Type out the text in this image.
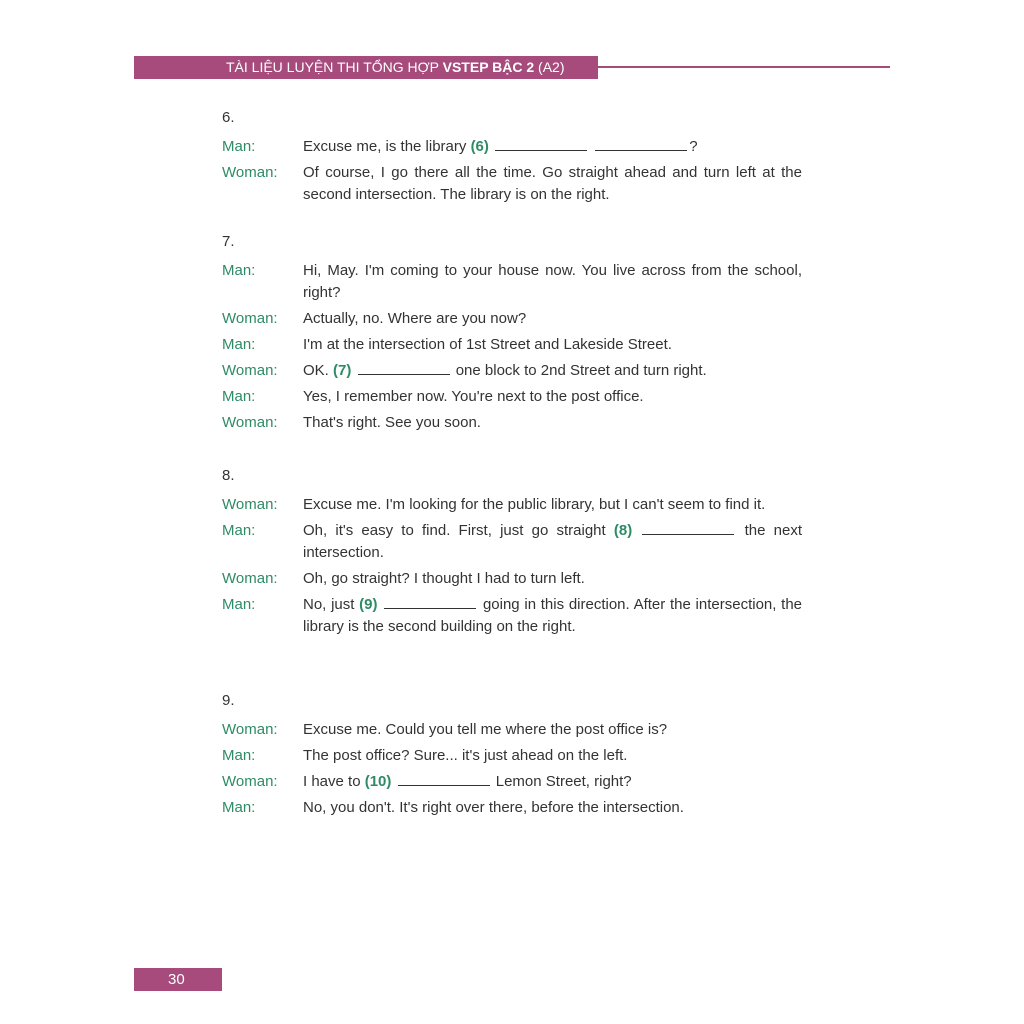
TÀI LIỆU LUYỆN THI TỔNG HỢP VSTEP BẬC 2 (A2)
6.
Man:	Excuse me, is the library (6)	?
Woman:	Of course, I go there all the time. Go straight ahead and turn left at the second intersection. The library is on the right.
7.
Man:	Hi, May. I'm coming to your house now. You live across from the school, right?
Woman:	Actually, no. Where are you now?
Man:	I'm at the intersection of 1st Street and Lakeside Street.
Woman:	OK. (7)	one block to 2nd Street and turn right.
Man:	Yes, I remember now. You're next to the post office.
Woman:	That's right. See you soon.
8.
Woman:	Excuse me. I'm looking for the public library, but I can't seem to find it.
Man:	Oh, it's easy to find. First, just go straight (8)	the next intersection.
Woman:	Oh, go straight? I thought I had to turn left.
Man:	No, just (9)	going in this direction. After the intersection, the library is the second building on the right.
9.
Woman:	Excuse me. Could you tell me where the post office is?
Man:	The post office? Sure... it's just ahead on the left.
Woman:	I have to (10)	Lemon Street, right?
Man:	No, you don't. It's right over there, before the intersection.
30
